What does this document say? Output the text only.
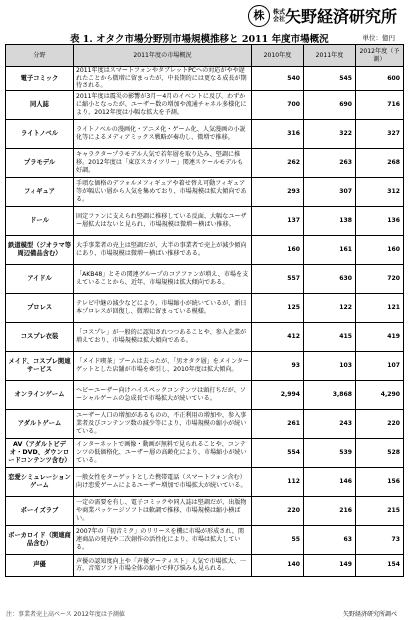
株	株式会社 矢野経済研究所
表 1. オタク市場分野別市場規模推移と 2011 年度市場概況	単位：億円
分野	2011年度の市場概況	2010年度	2011年度	2012年度（予測）
電子コミック	2011年度はスマートフォンやタブレットPCへの対応がやや遅れたことから微増に留まったが、中長期的には更なる成長が期待される。	540	545	600
同人誌	2011年度は震災の影響が3月〜4月のイベントに及び、わずかに縮小となったが、ユーザー数の増加や流通チャネル多様化により、2012年度は小幅な拡大を予測。	700	690	716
ライトノベル	ライトノベルの漫画化・アニメ化・ゲーム化、人気漫画の小説化等によるメディアミックス戦略が奏功し、微増で推移。	316	322	327
プラモデル	キャラクタープラモデル人気で若年層を取り込み、堅調に推移。2012年度は「東京スカイツリー」関連スケールモデルも好調。	262	263	268
フィギュア	手頃な価格のデフォルメフィギュアや着せ替え可動フィギュア等が幅広い層から人気を集めており、市場規模は拡大傾向である。	293	307	312
ドール	固定ファンに支えられ堅調に推移している反面、大幅なユーザー層拡大はないと見られ、市場規模は微増〜横ばい推移。	137	138	136
鉄道模型（ジオラマ等周辺備品含む）	大手事業者の売上は堅調だが、大半の事業者で売上が減少傾向にあり、市場規模は微増〜横ばい推移である。	160	161	160
アイドル	「AKB48」とその関連グループのコアファンが増え、市場を支えていることから、近年、市場規模は拡大傾向である。	557	630	720
プロレス	テレビ中継の減少などにより、市場縮小が続いているが、新日本プロレスが回復し、微増に留まっている模様。	125	122	121
コスプレ衣装	「コスプレ」が一般的に認知されつつあることや、参入企業が増えており、市場規模は拡大傾向である。	412	415	419
メイド、コスプレ関連サービス	「メイド喫茶」ブームは去ったが、「男オタク層」をメインターゲットとした店舗が市場を牽引し、2010年度は拡大傾向。	93	103	107
オンラインゲーム	ヘビーユーザー向けハイスペックコンテンツは頭打ちだが、ソーシャルゲームの急成長で市場拡大が続いている。	2,994	3,868	4,290
アダルトゲーム	ユーザー人口の増加があるものの、不正利用の増加や、参入事業者及びコンテンツ数の減少等により、市場規模の縮小が続いている。	261	243	220
AV（アダルトビデオ・DVD、ダウンロードコンテンツ含む）	インターネットで画像・動画が無料で見られることや、コンテンツの低価格化、ユーザー層の高齢化により、市場縮小が続いている。	554	539	528
恋愛シミュレーションゲーム	一般女性をターゲットとした携帯電話（スマートフォン含む）向け恋愛ゲームによるユーザー増加で市場拡大が続いている。	112	146	156
ボーイズラブ	一定の需要を有し、電子コミックや同人誌は堅調だが、出版物や商業パッケージソフトは軟調で推移、市場規模は縮小横ばい。	220	216	215
ボーカロイド（関連商品含む）	2007年の「初音ミク」のリリースを機に市場が形成され、関連商品の発売や二次創作の活性化により、市場は拡大している。	55	63	73
声優	声優の認知度向上や「声優アーティスト」人気で市場拡大、一方、音楽ソフト市場全体の縮小で伸び悩みも見られる。	140	149	154
注：事業者売上高ベース 2012年度は予測値	矢野経済研究所調べ
